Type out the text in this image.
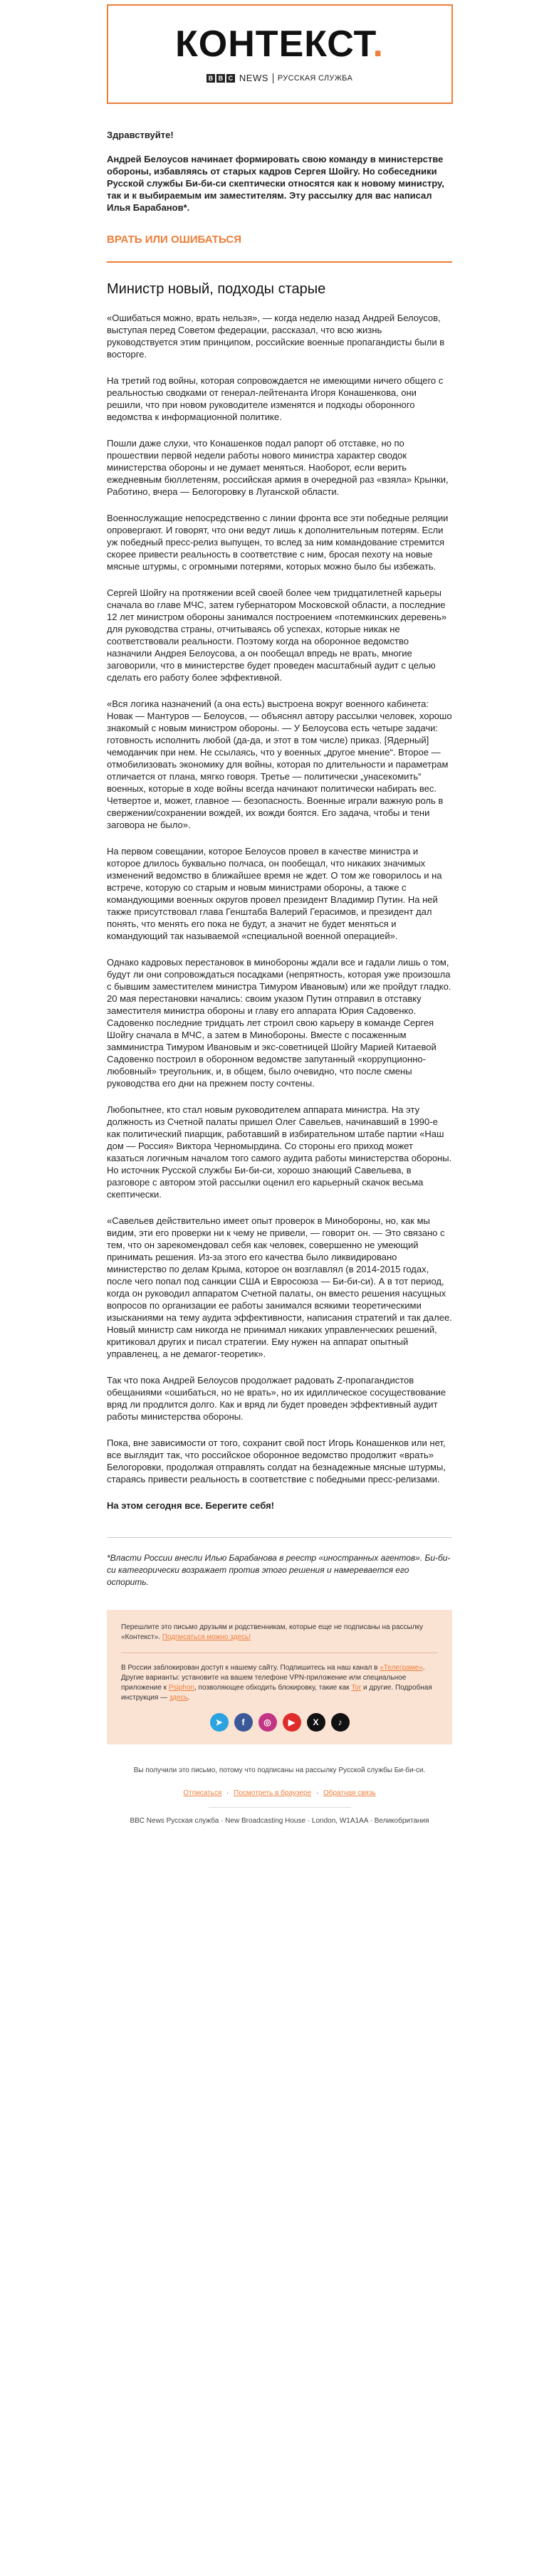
КОНТЕКСТ.
B B C NEWS РУССКАЯ СЛУЖБА
Здравствуйте!
Андрей Белоусов начинает формировать свою команду в министерстве обороны, избавляясь от старых кадров Сергея Шойгу. Но собеседники Русской службы Би-би-си скептически относятся как к новому министру, так и к выбираемым им заместителям. Эту рассылку для вас написал Илья Барабанов*.
ВРАТЬ ИЛИ ОШИБАТЬСЯ
Министр новый, подходы старые
«Ошибаться можно, врать нельзя», — когда неделю назад Андрей Белоусов, выступая перед Советом федерации, рассказал, что всю жизнь руководствуется этим принципом, российские военные пропагандисты были в восторге.
На третий год войны, которая сопровождается не имеющими ничего общего с реальностью сводками от генерал-лейтенанта Игоря Конашенкова, они решили, что при новом руководителе изменятся и подходы оборонного ведомства к информационной политике.
Пошли даже слухи, что Конашенков подал рапорт об отставке, но по прошествии первой недели работы нового министра характер сводок министерства обороны и не думает меняться. Наоборот, если верить ежедневным бюллетеням, российская армия в очередной раз «взяла» Крынки, Работино, вчера — Белогоровку в Луганской области.
Военнослужащие непосредственно с линии фронта все эти победные реляции опровергают. И говорят, что они ведут лишь к дополнительным потерям. Если уж победный пресс-релиз выпущен, то вслед за ним командование стремится скорее привести реальность в соответствие с ним, бросая пехоту на новые мясные штурмы, с огромными потерями, которых можно было бы избежать.
Сергей Шойгу на протяжении всей своей более чем тридцатилетней карьеры сначала во главе МЧС, затем губернатором Московской области, а последние 12 лет министром обороны занимался построением «потемкинских деревень» для руководства страны, отчитываясь об успехах, которые никак не соответствовали реальности. Поэтому когда на оборонное ведомство назначили Андрея Белоусова, а он пообещал впредь не врать, многие заговорили, что в министерстве будет проведен масштабный аудит с целью сделать его работу более эффективной.
«Вся логика назначений (а она есть) выстроена вокруг военного кабинета: Новак — Мантуров — Белоусов, — объяснял автору рассылки человек, хорошо знакомый с новым министром обороны. — У Белоусова есть четыре задачи: готовность исполнить любой (да-да, и этот в том числе) приказ. [Ядерный] чемоданчик при нем. Не ссылаясь, что у военных „другое мнение“. Второе — отмобилизовать экономику для войны, которая по длительности и параметрам отличается от плана, мягко говоря. Третье — политически „унасекомить“ военных, которые в ходе войны всегда начинают политически набирать вес. Четвертое и, может, главное — безопасность. Военные играли важную роль в свержении/сохранении вождей, их вожди боятся. Его задача, чтобы и тени заговора не было».
На первом совещании, которое Белоусов провел в качестве министра и которое длилось буквально полчаса, он пообещал, что никаких значимых изменений ведомство в ближайшее время не ждет. О том же говорилось и на встрече, которую со старым и новым министрами обороны, а также с командующими военных округов провел президент Владимир Путин. На ней также присутствовал глава Генштаба Валерий Герасимов, и президент дал понять, что менять его пока не будут, а значит не будет меняться и командующий так называемой «специальной военной операцией».
Однако кадровых перестановок в минобороны ждали все и гадали лишь о том, будут ли они сопровождаться посадками (непрятность, которая уже произошла с бывшим заместителем министра Тимуром Ивановым) или же пройдут гладко. 20 мая перестановки начались: своим указом Путин отправил в отставку заместителя министра обороны и главу его аппарата Юрия Садовенко. Садовенко последние тридцать лет строил свою карьеру в команде Сергея Шойгу сначала в МЧС, а затем в Минобороны. Вместе с посаженным замминистра Тимуром Ивановым и экс-советницей Шойгу Марией Китаевой Садовенко построил в оборонном ведомстве запутанный «коррупционно-любовный» треугольник, и, в общем, было очевидно, что после смены руководства его дни на прежнем посту сочтены.
Любопытнее, кто стал новым руководителем аппарата министра. На эту должность из Счетной палаты пришел Олег Савельев, начинавший в 1990-е как политический пиарщик, работавший в избирательном штабе партии «Наш дом — Россия» Виктора Черномырдина. Со стороны его приход может казаться логичным началом того самого аудита работы министерства обороны. Но источник Русской службы Би-би-си, хорошо знающий Савельева, в разговоре с автором этой рассылки оценил его карьерный скачок весьма скептически.
«Савельев действительно имеет опыт проверок в Минобороны, но, как мы видим, эти его проверки ни к чему не привели, — говорит он. — Это связано с тем, что он зарекомендовал себя как человек, совершенно не умеющий принимать решения. Из-за этого его качества было ликвидировано министерство по делам Крыма, которое он возглавлял (в 2014-2015 годах, после чего попал под санкции США и Евросоюза — Би-би-си). А в тот период, когда он руководил аппаратом Счетной палаты, он вместо решения насущных вопросов по организации ее работы занимался всякими теоретическими изысканиями на тему аудита эффективности, написания стратегий и так далее. Новый министр сам никогда не принимал никаких управленческих решений, критиковал других и писал стратегии. Ему нужен на аппарат опытный управленец, а не демагог-теоретик».
Так что пока Андрей Белоусов продолжает радовать Z-пропагандистов обещаниями «ошибаться, но не врать», но их идиллическое сосуществование вряд ли продлится долго. Как и вряд ли будет проведен эффективный аудит работы министерства обороны.
Пока, вне зависимости от того, сохранит свой пост Игорь Конашенков или нет, все выглядит так, что российское оборонное ведомство продолжит «врать» Белогоровки, продолжая отправлять солдат на безнадежные мясные штурмы, стараясь привести реальность в соответствие с победными пресс-релизами.
На этом сегодня все. Берегите себя!
*Власти России внесли Илью Барабанова в реестр «иностранных агентов». Би-би-си категорически возражает против этого решения и намеревается его оспорить.
Перешлите это письмо друзьям и родственникам, которые еще не подписаны на рассылку «Контекст». Подписаться можно здесь!
В России заблокирован доступ к нашему сайту. Подпишитесь на наш канал в «Телеграме». Другие варианты: установите на вашем телефоне VPN-приложение или специальное приложение к Psiphon, позволяющее обходить блокировку, такие как Tor и другие. Подробная инструкция — здесь.
➤	f	◎	▶	X	♪
Вы получили это письмо, потому что подписаны на рассылку Русской службы Би-би-си.
Отписаться · Посмотреть в браузере · Обратная связь
BBC News Русская служба · New Broadcasting House · London, W1A1AA · Великобритания
